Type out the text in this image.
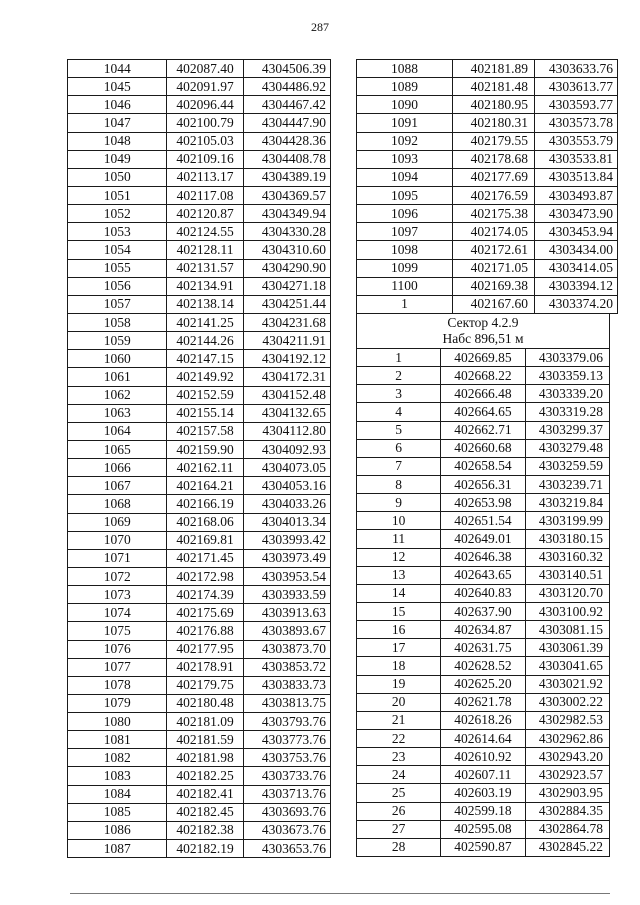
287
1044	402087.40	4304506.39
1045	402091.97	4304486.92
1046	402096.44	4304467.42
1047	402100.79	4304447.90
1048	402105.03	4304428.36
1049	402109.16	4304408.78
1050	402113.17	4304389.19
1051	402117.08	4304369.57
1052	402120.87	4304349.94
1053	402124.55	4304330.28
1054	402128.11	4304310.60
1055	402131.57	4304290.90
1056	402134.91	4304271.18
1057	402138.14	4304251.44
1058	402141.25	4304231.68
1059	402144.26	4304211.91
1060	402147.15	4304192.12
1061	402149.92	4304172.31
1062	402152.59	4304152.48
1063	402155.14	4304132.65
1064	402157.58	4304112.80
1065	402159.90	4304092.93
1066	402162.11	4304073.05
1067	402164.21	4304053.16
1068	402166.19	4304033.26
1069	402168.06	4304013.34
1070	402169.81	4303993.42
1071	402171.45	4303973.49
1072	402172.98	4303953.54
1073	402174.39	4303933.59
1074	402175.69	4303913.63
1075	402176.88	4303893.67
1076	402177.95	4303873.70
1077	402178.91	4303853.72
1078	402179.75	4303833.73
1079	402180.48	4303813.75
1080	402181.09	4303793.76
1081	402181.59	4303773.76
1082	402181.98	4303753.76
1083	402182.25	4303733.76
1084	402182.41	4303713.76
1085	402182.45	4303693.76
1086	402182.38	4303673.76
1087	402182.19	4303653.76
1088	402181.89	4303633.76
1089	402181.48	4303613.77
1090	402180.95	4303593.77
1091	402180.31	4303573.78
1092	402179.55	4303553.79
1093	402178.68	4303533.81
1094	402177.69	4303513.84
1095	402176.59	4303493.87
1096	402175.38	4303473.90
1097	402174.05	4303453.94
1098	402172.61	4303434.00
1099	402171.05	4303414.05
1100	402169.38	4303394.12
1	402167.60	4303374.20
Сектор 4.2.9
Набс 896,51 м		

1	402669.85	4303379.06
2	402668.22	4303359.13
3	402666.48	4303339.20
4	402664.65	4303319.28
5	402662.71	4303299.37
6	402660.68	4303279.48
7	402658.54	4303259.59
8	402656.31	4303239.71
9	402653.98	4303219.84
10	402651.54	4303199.99
11	402649.01	4303180.15
12	402646.38	4303160.32
13	402643.65	4303140.51
14	402640.83	4303120.70
15	402637.90	4303100.92
16	402634.87	4303081.15
17	402631.75	4303061.39
18	402628.52	4303041.65
19	402625.20	4303021.92
20	402621.78	4303002.22
21	402618.26	4302982.53
22	402614.64	4302962.86
23	402610.92	4302943.20
24	402607.11	4302923.57
25	402603.19	4302903.95
26	402599.18	4302884.35
27	402595.08	4302864.78
28	402590.87	4302845.22
